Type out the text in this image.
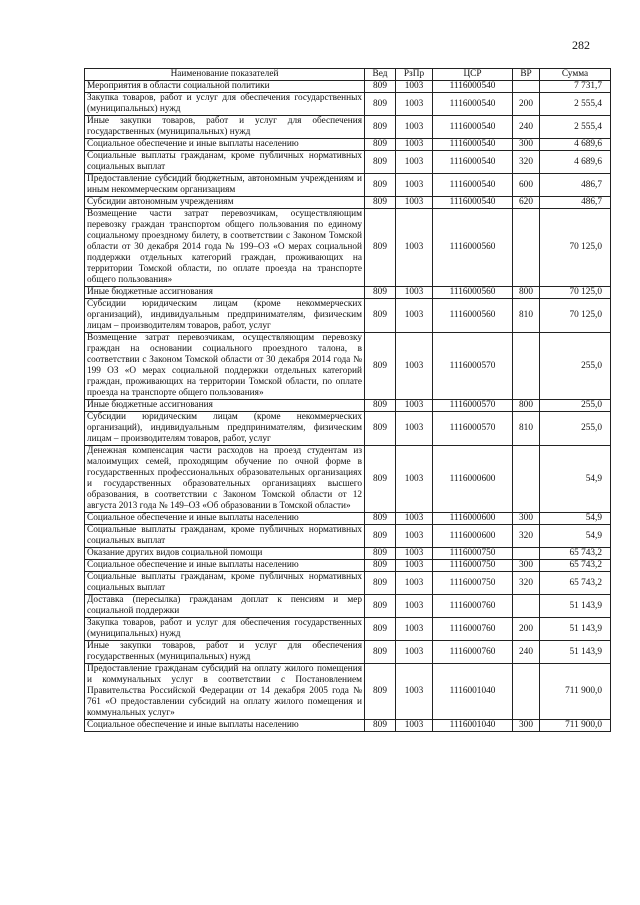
282
Наименование показателей	Вед	РзПр	ЦСР	ВР	Сумма
Мероприятия в области социальной политики	809	1003	1116000540		7 731,7
Закупка товаров, работ и услуг для обеспечения государственных (муниципальных) нужд	809	1003	1116000540	200	2 555,4
Иные закупки товаров, работ и услуг для обеспечения государственных (муниципальных) нужд	809	1003	1116000540	240	2 555,4
Социальное обеспечение и иные выплаты населению	809	1003	1116000540	300	4 689,6
Социальные выплаты гражданам, кроме публичных нормативных социальных выплат	809	1003	1116000540	320	4 689,6
Предоставление субсидий бюджетным, автономным учреждениям и иным некоммерческим организациям	809	1003	1116000540	600	486,7
Субсидии автономным учреждениям	809	1003	1116000540	620	486,7
Возмещение части затрат перевозчикам, осуществляющим перевозку граждан транспортом общего пользования по единому социальному проездному билету, в соответствии с Законом Томской области от 30 декабря 2014 года № 199–ОЗ «О мерах социальной поддержки отдельных категорий граждан, проживающих на территории Томской области, по оплате проезда на транспорте общего пользования»	809	1003	1116000560		70 125,0
Иные бюджетные ассигнования	809	1003	1116000560	800	70 125,0
Субсидии юридическим лицам (кроме некоммерческих организаций), индивидуальным предпринимателям, физическим лицам – производителям товаров, работ, услуг	809	1003	1116000560	810	70 125,0
Возмещение затрат перевозчикам, осуществляющим перевозку граждан на основании социального проездного талона, в соответствии с Законом Томской области от 30 декабря 2014 года № 199 ОЗ «О мерах социальной поддержки отдельных категорий граждан, проживающих на территории Томской области, по оплате проезда на транспорте общего пользования»	809	1003	1116000570		255,0
Иные бюджетные ассигнования	809	1003	1116000570	800	255,0
Субсидии юридическим лицам (кроме некоммерческих организаций), индивидуальным предпринимателям, физическим лицам – производителям товаров, работ, услуг	809	1003	1116000570	810	255,0
Денежная компенсация части расходов на проезд студентам из малоимущих семей, проходящим обучение по очной форме в государственных профессиональных образовательных организациях и государственных образовательных организациях высшего образования, в соответствии с Законом Томской области от 12 августа 2013 года № 149–ОЗ «Об образовании в Томской области»	809	1003	1116000600		54,9
Социальное обеспечение и иные выплаты населению	809	1003	1116000600	300	54,9
Социальные выплаты гражданам, кроме публичных нормативных социальных выплат	809	1003	1116000600	320	54,9
Оказание других видов социальной помощи	809	1003	1116000750		65 743,2
Социальное обеспечение и иные выплаты населению	809	1003	1116000750	300	65 743,2
Социальные выплаты гражданам, кроме публичных нормативных социальных выплат	809	1003	1116000750	320	65 743,2
Доставка (пересылка) гражданам доплат к пенсиям и мер социальной поддержки	809	1003	1116000760		51 143,9
Закупка товаров, работ и услуг для обеспечения государственных (муниципальных) нужд	809	1003	1116000760	200	51 143,9
Иные закупки товаров, работ и услуг для обеспечения государственных (муниципальных) нужд	809	1003	1116000760	240	51 143,9
Предоставление гражданам субсидий на оплату жилого помещения и коммунальных услуг в соответствии с Постановлением Правительства Российской Федерации от 14 декабря 2005 года № 761 «О предоставлении субсидий на оплату жилого помещения и коммунальных услуг»	809	1003	1116001040		711 900,0
Социальное обеспечение и иные выплаты населению	809	1003	1116001040	300	711 900,0
